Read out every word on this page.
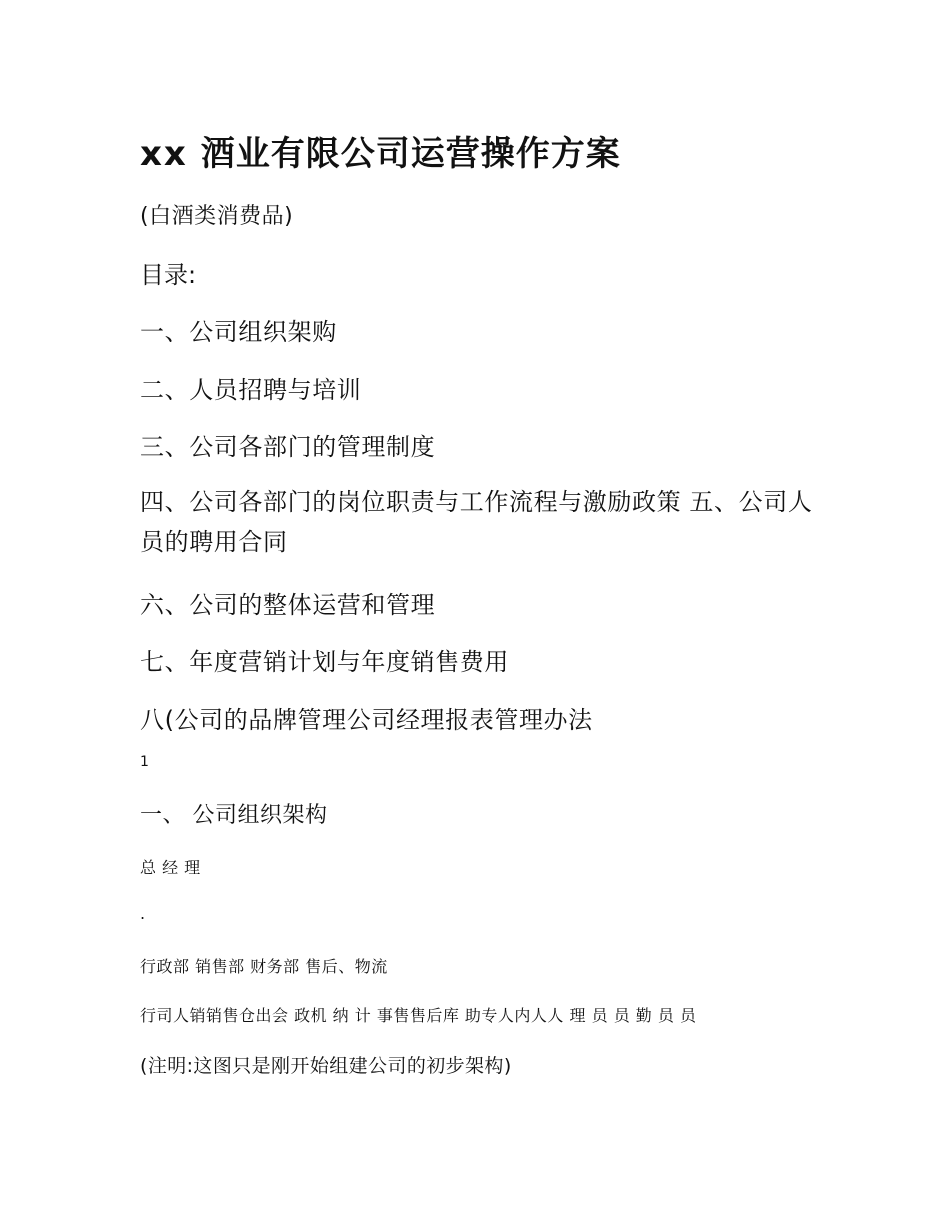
xx 酒业有限公司运营操作方案

(白酒类消费品)

目录:

一、公司组织架购

二、人员招聘与培训

三、公司各部门的管理制度

四、公司各部门的岗位职责与工作流程与激励政策 五、公司人员的聘用合同

六、公司的整体运营和管理

七、年度营销计划与年度销售费用

八(公司的品牌管理公司经理报表管理办法

1

一、 公司组织架构

总 经 理

.

行政部 销售部 财务部 售后、物流

行司人销销售仓出会 政机 纳 计 事售售后库 助专人内人人 理 员 员 勤 员 员

(注明:这图只是刚开始组建公司的初步架构)
